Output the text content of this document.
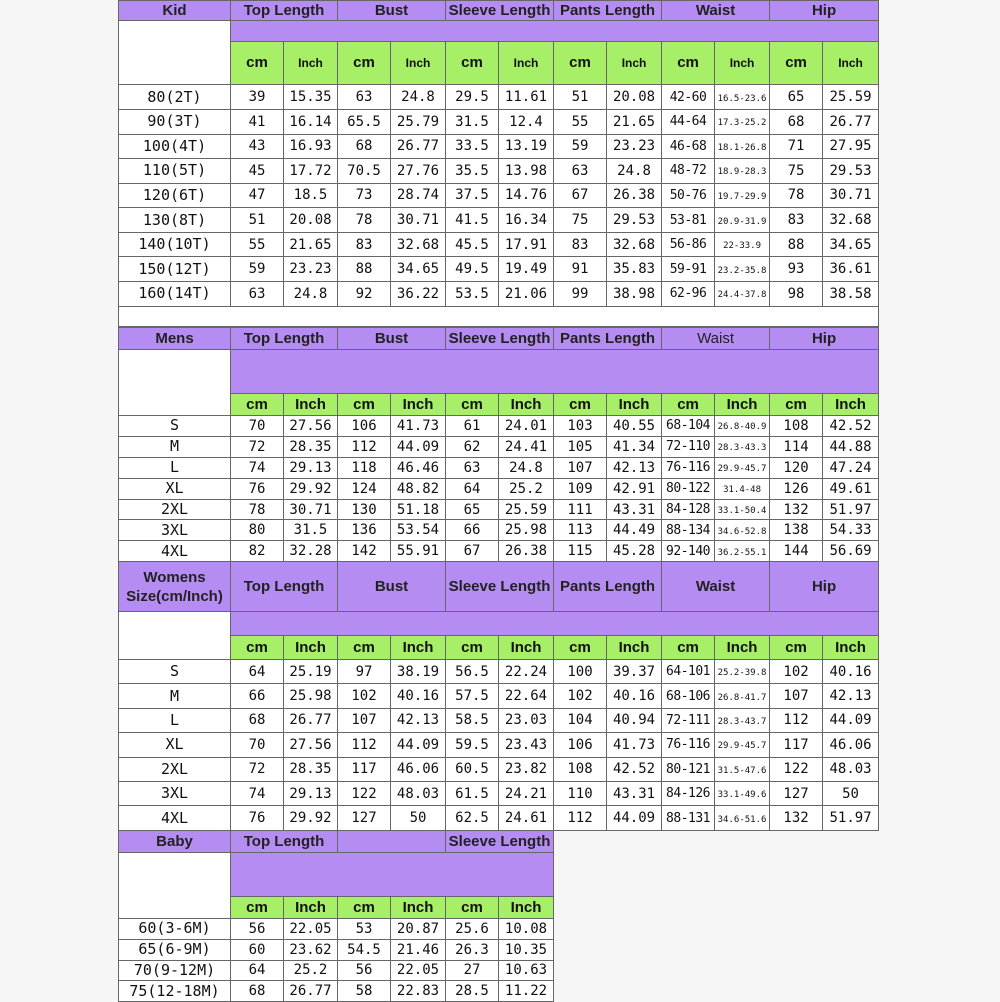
Kid	Top Length		Bust		Sleeve Length		Pants Length		Waist		Hip	

	cm	Inch	cm	Inch	cm	Inch	cm	Inch	cm	Inch	cm	Inch
80(2T)	39	15.35	63	24.8	29.5	11.61	51	20.08	42-60	16.5-23.6	65	25.59
90(3T)	41	16.14	65.5	25.79	31.5	12.4	55	21.65	44-64	17.3-25.2	68	26.77
100(4T)	43	16.93	68	26.77	33.5	13.19	59	23.23	46-68	18.1-26.8	71	27.95
110(5T)	45	17.72	70.5	27.76	35.5	13.98	63	24.8	48-72	18.9-28.3	75	29.53
120(6T)	47	18.5	73	28.74	37.5	14.76	67	26.38	50-76	19.7-29.9	78	30.71
130(8T)	51	20.08	78	30.71	41.5	16.34	75	29.53	53-81	20.9-31.9	83	32.68
140(10T)	55	21.65	83	32.68	45.5	17.91	83	32.68	56-86	22-33.9	88	34.65
150(12T)	59	23.23	88	34.65	49.5	19.49	91	35.83	59-91	23.2-35.8	93	36.61
160(14T)	63	24.8	92	36.22	53.5	21.06	99	38.98	62-96	24.4-37.8	98	38.58

Mens	Top Length		Bust		Sleeve Length		Pants Length		Waist		Hip	

	cm	Inch	cm	Inch	cm	Inch	cm	Inch	cm	Inch	cm	Inch
S	70	27.56	106	41.73	61	24.01	103	40.55	68-104	26.8-40.9	108	42.52
M	72	28.35	112	44.09	62	24.41	105	41.34	72-110	28.3-43.3	114	44.88
L	74	29.13	118	46.46	63	24.8	107	42.13	76-116	29.9-45.7	120	47.24
XL	76	29.92	124	48.82	64	25.2	109	42.91	80-122	31.4-48	126	49.61
2XL	78	30.71	130	51.18	65	25.59	111	43.31	84-128	33.1-50.4	132	51.97
3XL	80	31.5	136	53.54	66	25.98	113	44.49	88-134	34.6-52.8	138	54.33
4XL	82	32.28	142	55.91	67	26.38	115	45.28	92-140	36.2-55.1	144	56.69
Womens
Size(cm/Inch)	Top Length		Bust		Sleeve Length		Pants Length		Waist		Hip	

	cm	Inch	cm	Inch	cm	Inch	cm	Inch	cm	Inch	cm	Inch
S	64	25.19	97	38.19	56.5	22.24	100	39.37	64-101	25.2-39.8	102	40.16
M	66	25.98	102	40.16	57.5	22.64	102	40.16	68-106	26.8-41.7	107	42.13
L	68	26.77	107	42.13	58.5	23.03	104	40.94	72-111	28.3-43.7	112	44.09
XL	70	27.56	112	44.09	59.5	23.43	106	41.73	76-116	29.9-45.7	117	46.06
2XL	72	28.35	117	46.06	60.5	23.82	108	42.52	80-121	31.5-47.6	122	48.03
3XL	74	29.13	122	48.03	61.5	24.21	110	43.31	84-126	33.1-49.6	127	50
4XL	76	29.92	127	50	62.5	24.61	112	44.09	88-131	34.6-51.6	132	51.97
Baby	Top Length				Sleeve Length	

	cm	Inch	cm	Inch	cm	Inch
60(3-6M)	56	22.05	53	20.87	25.6	10.08
65(6-9M)	60	23.62	54.5	21.46	26.3	10.35
70(9-12M)	64	25.2	56	22.05	27	10.63
75(12-18M)	68	26.77	58	22.83	28.5	11.22
